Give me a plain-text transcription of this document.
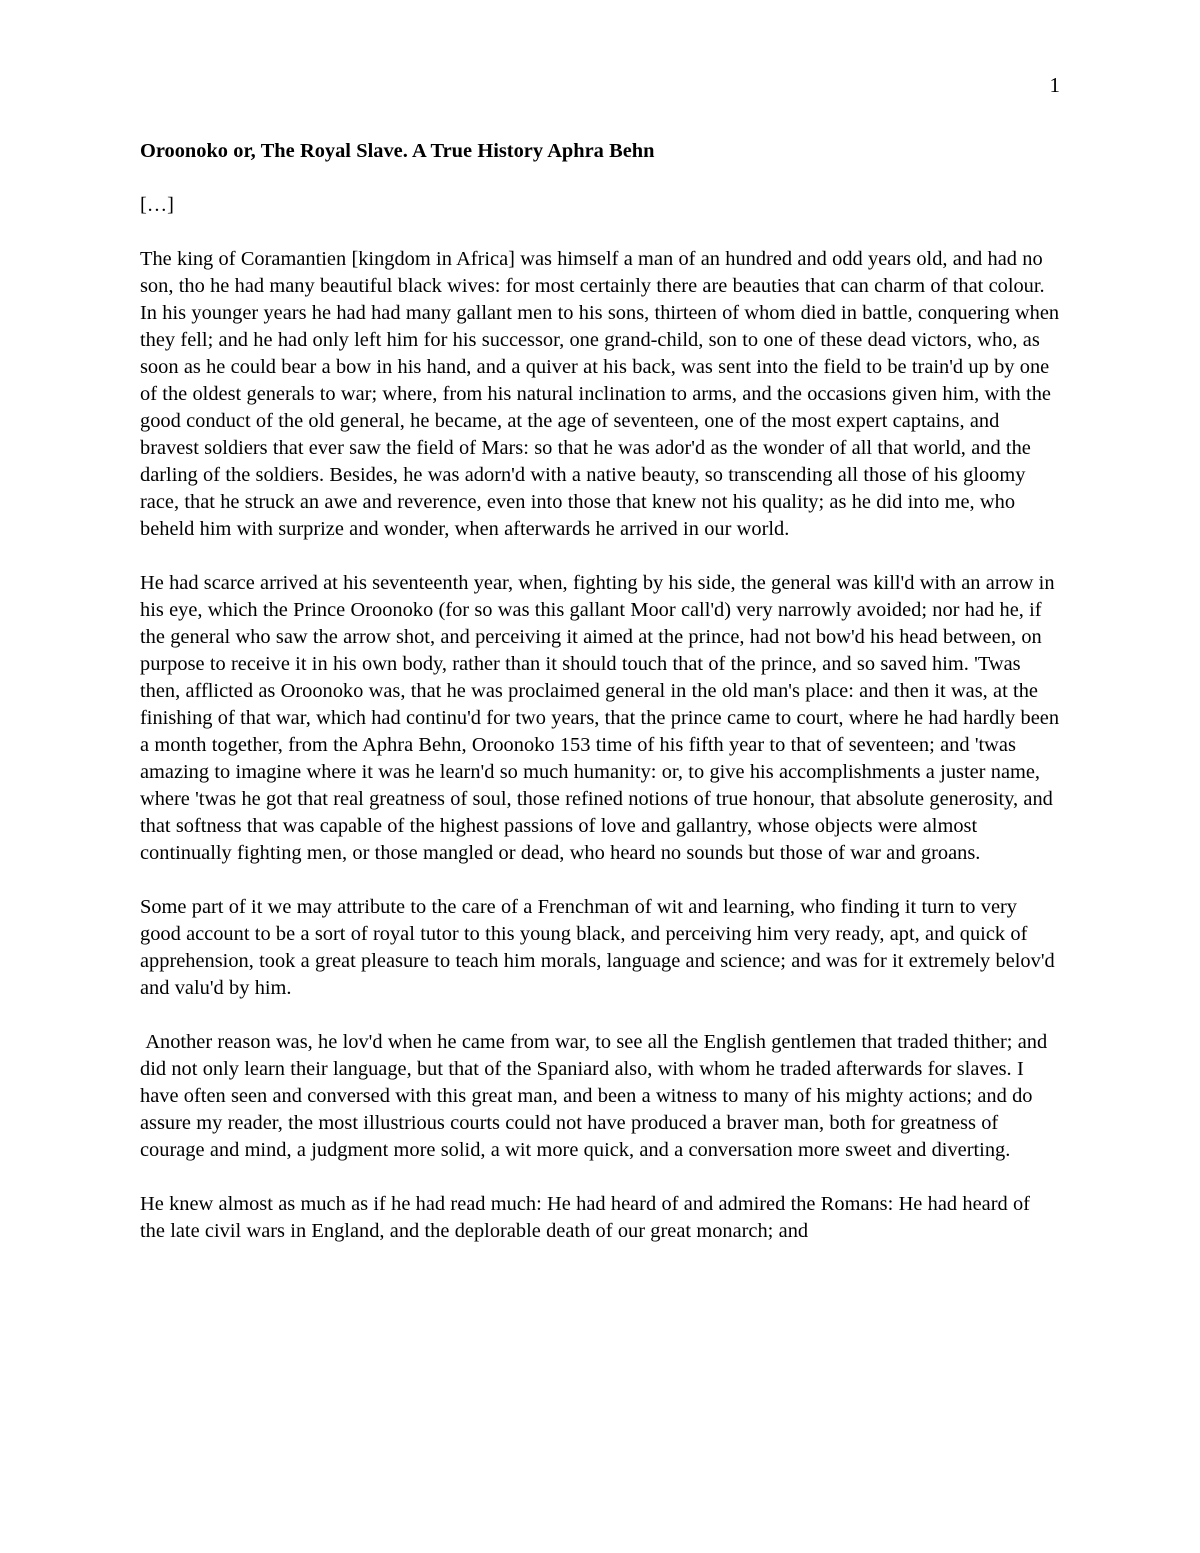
1

Oroonoko or, The Royal Slave. A True History Aphra Behn

[…]

The king of Coramantien [kingdom in Africa] was himself a man of an hundred and odd years old, and had no son, tho he had many beautiful black wives: for most certainly there are beauties that can charm of that colour. In his younger years he had had many gallant men to his sons, thirteen of whom died in battle, conquering when they fell; and he had only left him for his successor, one grand-child, son to one of these dead victors, who, as soon as he could bear a bow in his hand, and a quiver at his back, was sent into the field to be train'd up by one of the oldest generals to war; where, from his natural inclination to arms, and the occasions given him, with the good conduct of the old general, he became, at the age of seventeen, one of the most expert captains, and bravest soldiers that ever saw the field of Mars: so that he was ador'd as the wonder of all that world, and the darling of the soldiers. Besides, he was adorn'd with a native beauty, so transcending all those of his gloomy race, that he struck an awe and reverence, even into those that knew not his quality; as he did into me, who beheld him with surprize and wonder, when afterwards he arrived in our world.

He had scarce arrived at his seventeenth year, when, fighting by his side, the general was kill'd with an arrow in his eye, which the Prince Oroonoko (for so was this gallant Moor call'd) very narrowly avoided; nor had he, if the general who saw the arrow shot, and perceiving it aimed at the prince, had not bow'd his head between, on purpose to receive it in his own body, rather than it should touch that of the prince, and so saved him. 'Twas then, afflicted as Oroonoko was, that he was proclaimed general in the old man's place: and then it was, at the finishing of that war, which had continu'd for two years, that the prince came to court, where he had hardly been a month together, from the Aphra Behn, Oroonoko 153 time of his fifth year to that of seventeen; and 'twas amazing to imagine where it was he learn'd so much humanity: or, to give his accomplishments a juster name, where 'twas he got that real greatness of soul, those refined notions of true honour, that absolute generosity, and that softness that was capable of the highest passions of love and gallantry, whose objects were almost continually fighting men, or those mangled or dead, who heard no sounds but those of war and groans.

Some part of it we may attribute to the care of a Frenchman of wit and learning, who finding it turn to very good account to be a sort of royal tutor to this young black, and perceiving him very ready, apt, and quick of apprehension, took a great pleasure to teach him morals, language and science; and was for it extremely belov'd and valu'd by him.

Another reason was, he lov'd when he came from war, to see all the English gentlemen that traded thither; and did not only learn their language, but that of the Spaniard also, with whom he traded afterwards for slaves. I have often seen and conversed with this great man, and been a witness to many of his mighty actions; and do assure my reader, the most illustrious courts could not have produced a braver man, both for greatness of courage and mind, a judgment more solid, a wit more quick, and a conversation more sweet and diverting.

He knew almost as much as if he had read much: He had heard of and admired the Romans: He had heard of the late civil wars in England, and the deplorable death of our great monarch; and
